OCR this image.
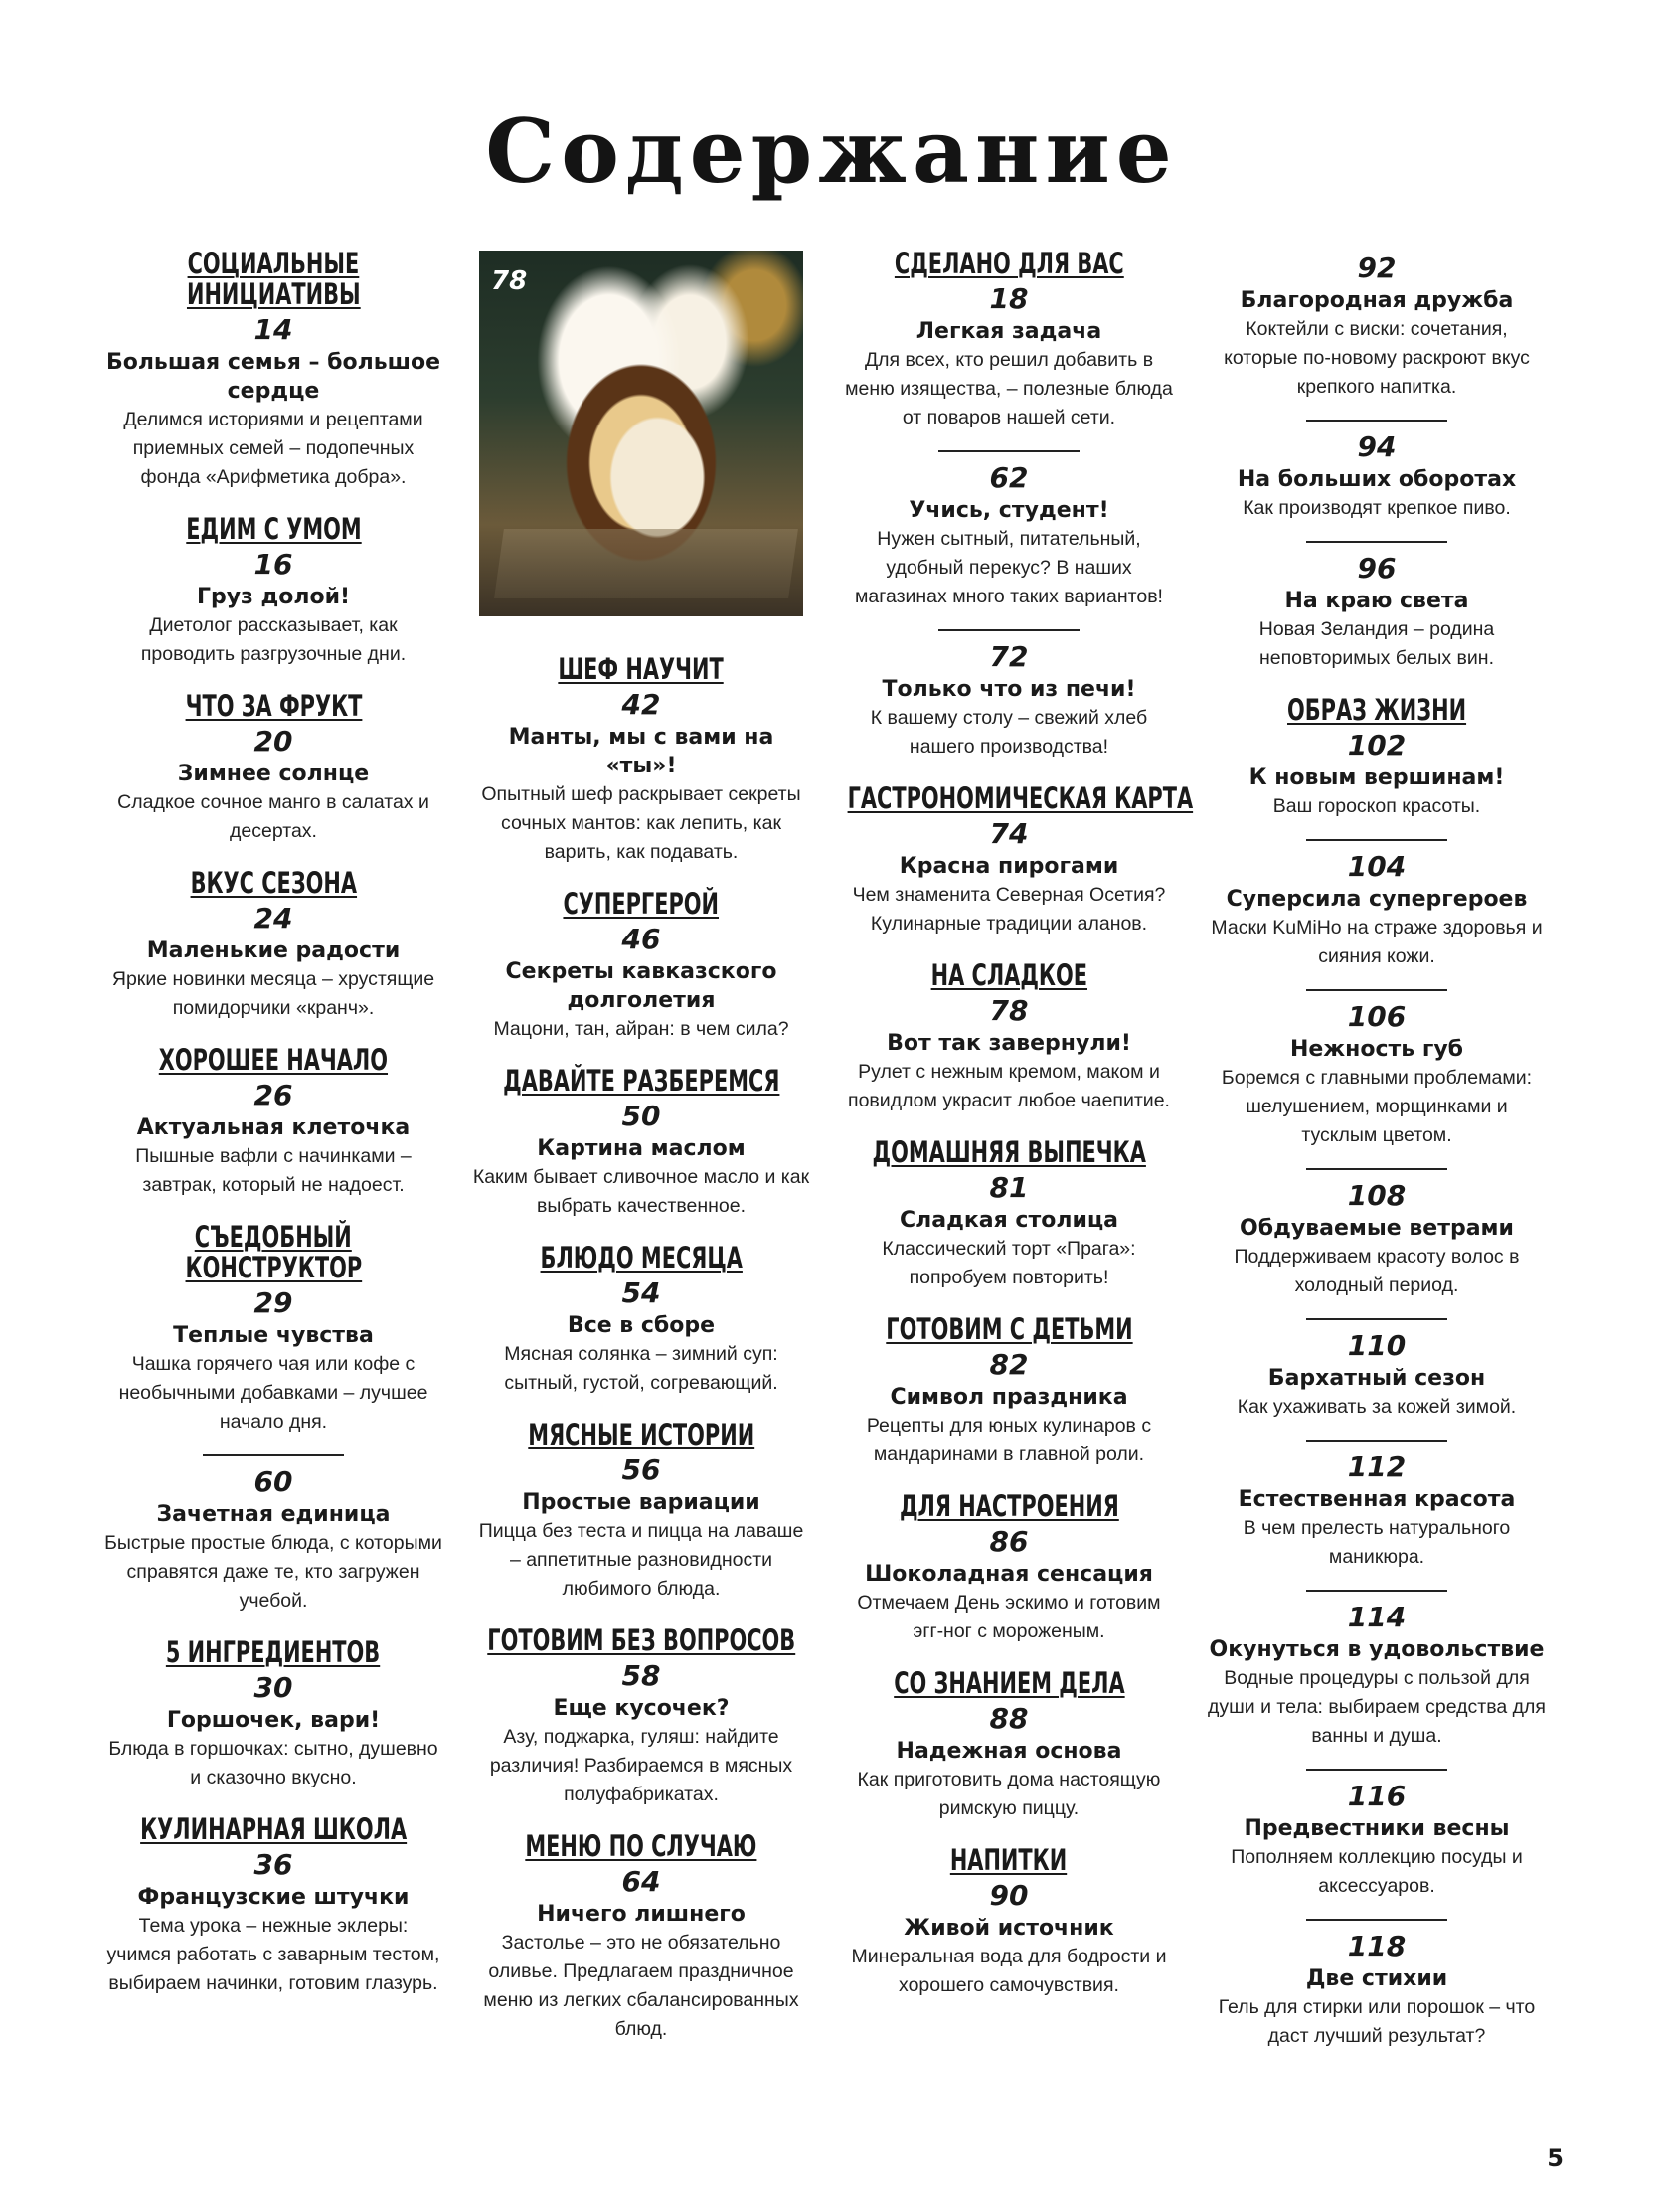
Содержание
СОЦИАЛЬНЫЕ
ИНИЦИАТИВЫ
14
Большая семья – большое сердце
Делимся историями и рецептами приемных семей – подопечных фонда «Арифметика добра».
ЕДИМ С УМОМ
16
Груз долой!
Диетолог рассказывает, как проводить разгрузочные дни.
ЧТО ЗА ФРУКТ
20
Зимнее солнце
Сладкое сочное манго в салатах и десертах.
ВКУС СЕЗОНА
24
Маленькие радости
Яркие новинки месяца – хрустящие помидорчики «кранч».
ХОРОШЕЕ НАЧАЛО
26
Актуальная клеточка
Пышные вафли с начинками – завтрак, который не надоест.
СЪЕДОБНЫЙ
КОНСТРУКТОР
29
Теплые чувства
Чашка горячего чая или кофе с необычными добавками – лучшее начало дня.
60
Зачетная единица
Быстрые простые блюда, с которыми справятся даже те, кто загружен учебой.
5 ИНГРЕДИЕНТОВ
30
Горшочек, вари!
Блюда в горшочках: сытно, душевно и сказочно вкусно.
КУЛИНАРНАЯ ШКОЛА
36
Французские штучки
Тема урока – нежные эклеры: учимся работать с заварным тестом, выбираем начинки, готовим глазурь.
78
ШЕФ НАУЧИТ
42
Манты, мы с вами на «ты»!
Опытный шеф раскрывает секреты сочных мантов: как лепить, как варить, как подавать.
СУПЕРГЕРОЙ
46
Секреты кавказского долголетия
Мацони, тан, айран: в чем сила?
ДАВАЙТЕ РАЗБЕРЕМСЯ
50
Картина маслом
Каким бывает сливочное масло и как выбрать качественное.
БЛЮДО МЕСЯЦА
54
Все в сборе
Мясная солянка – зимний суп: сытный, густой, согревающий.
МЯСНЫЕ ИСТОРИИ
56
Простые вариации
Пицца без теста и пицца на лаваше – аппетитные разновидности любимого блюда.
ГОТОВИМ БЕЗ ВОПРОСОВ
58
Еще кусочек?
Азу, поджарка, гуляш: найдите различия! Разбираемся в мясных полуфабрикатах.
МЕНЮ ПО СЛУЧАЮ
64
Ничего лишнего
Застолье – это не обязательно оливье. Предлагаем праздничное меню из легких сбалансированных блюд.
СДЕЛАНО ДЛЯ ВАС
18
Легкая задача
Для всех, кто решил добавить в меню изящества, – полезные блюда от поваров нашей сети.
62
Учись, студент!
Нужен сытный, питательный, удобный перекус? В наших магазинах много таких вариантов!
72
Только что из печи!
К вашему столу – свежий хлеб нашего производства!
ГАСТРОНОМИЧЕСКАЯ КАРТА
74
Красна пирогами
Чем знаменита Северная Осетия? Кулинарные традиции аланов.
НА СЛАДКОЕ
78
Вот так завернули!
Рулет с нежным кремом, маком и повидлом украсит любое чаепитие.
ДОМАШНЯЯ ВЫПЕЧКА
81
Сладкая столица
Классический торт «Прага»: попробуем повторить!
ГОТОВИМ С ДЕТЬМИ
82
Символ праздника
Рецепты для юных кулинаров с мандаринами в главной роли.
ДЛЯ НАСТРОЕНИЯ
86
Шоколадная сенсация
Отмечаем День эскимо и готовим эгг-ног с мороженым.
СО ЗНАНИЕМ ДЕЛА
88
Надежная основа
Как приготовить дома настоящую римскую пиццу.
НАПИТКИ
90
Живой источник
Минеральная вода для бодрости и хорошего самочувствия.
92
Благородная дружба
Коктейли с виски: сочетания, которые по-новому раскроют вкус крепкого напитка.
94
На больших оборотах
Как производят крепкое пиво.
96
На краю света
Новая Зеландия – родина неповторимых белых вин.
ОБРАЗ ЖИЗНИ
102
К новым вершинам!
Ваш гороскоп красоты.
104
Суперсила супергероев
Маски KuMiHo на страже здоровья и сияния кожи.
106
Нежность губ
Боремся с главными проблемами: шелушением, морщинками и тусклым цветом.
108
Обдуваемые ветрами
Поддерживаем красоту волос в холодный период.
110
Бархатный сезон
Как ухаживать за кожей зимой.
112
Естественная красота
В чем прелесть натурального маникюра.
114
Окунуться в удовольствие
Водные процедуры с пользой для души и тела: выбираем средства для ванны и душа.
116
Предвестники весны
Пополняем коллекцию посуды и аксессуаров.
118
Две стихии
Гель для стирки или порошок – что даст лучший результат?
5
